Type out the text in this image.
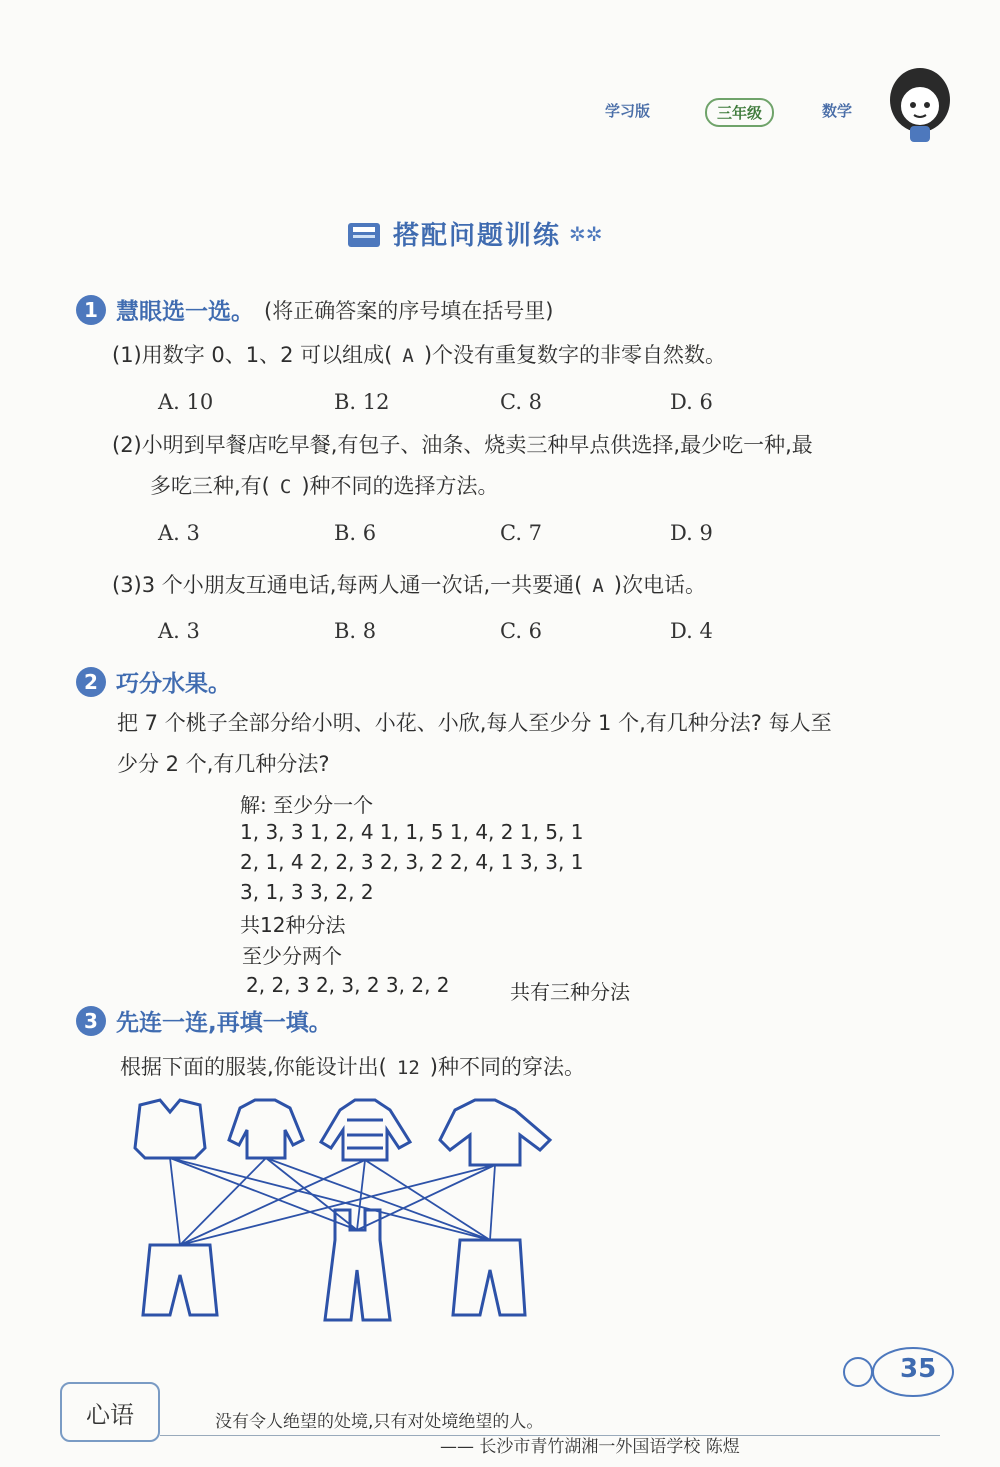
学习版	三年级	数学
搭配问题训练 ✲✲
1 慧眼选一选。 (将正确答案的序号填在括号里)
(1)用数字 0、1、2 可以组成( A )个没有重复数字的非零自然数。
A. 10	B. 12	C. 8	D. 6
(2)小明到早餐店吃早餐,有包子、油条、烧卖三种早点供选择,最少吃一种,最
多吃三种,有( C )种不同的选择方法。
A. 3	B. 6	C. 7	D. 9
(3)3 个小朋友互通电话,每两人通一次话,一共要通( A )次电话。
A. 3	B. 8	C. 6	D. 4
2 巧分水果。
把 7 个桃子全部分给小明、小花、小欣,每人至少分 1 个,有几种分法? 每人至
少分 2 个,有几种分法?
解: 至少分一个
1, 3, 3 1, 2, 4 1, 1, 5 1, 4, 2 1, 5, 1
2, 1, 4 2, 2, 3 2, 3, 2 2, 4, 1 3, 3, 1
3, 1, 3 3, 2, 2
共12种分法
至少分两个
2, 2, 3 2, 3, 2 3, 2, 2	共有三种分法
3 先连一连,再填一填。
根据下面的服装,你能设计出( 12 )种不同的穿法。
心语	没有令人绝望的处境,只有对处境绝望的人。
—— 长沙市青竹湖湘一外国语学校 陈煜
35
